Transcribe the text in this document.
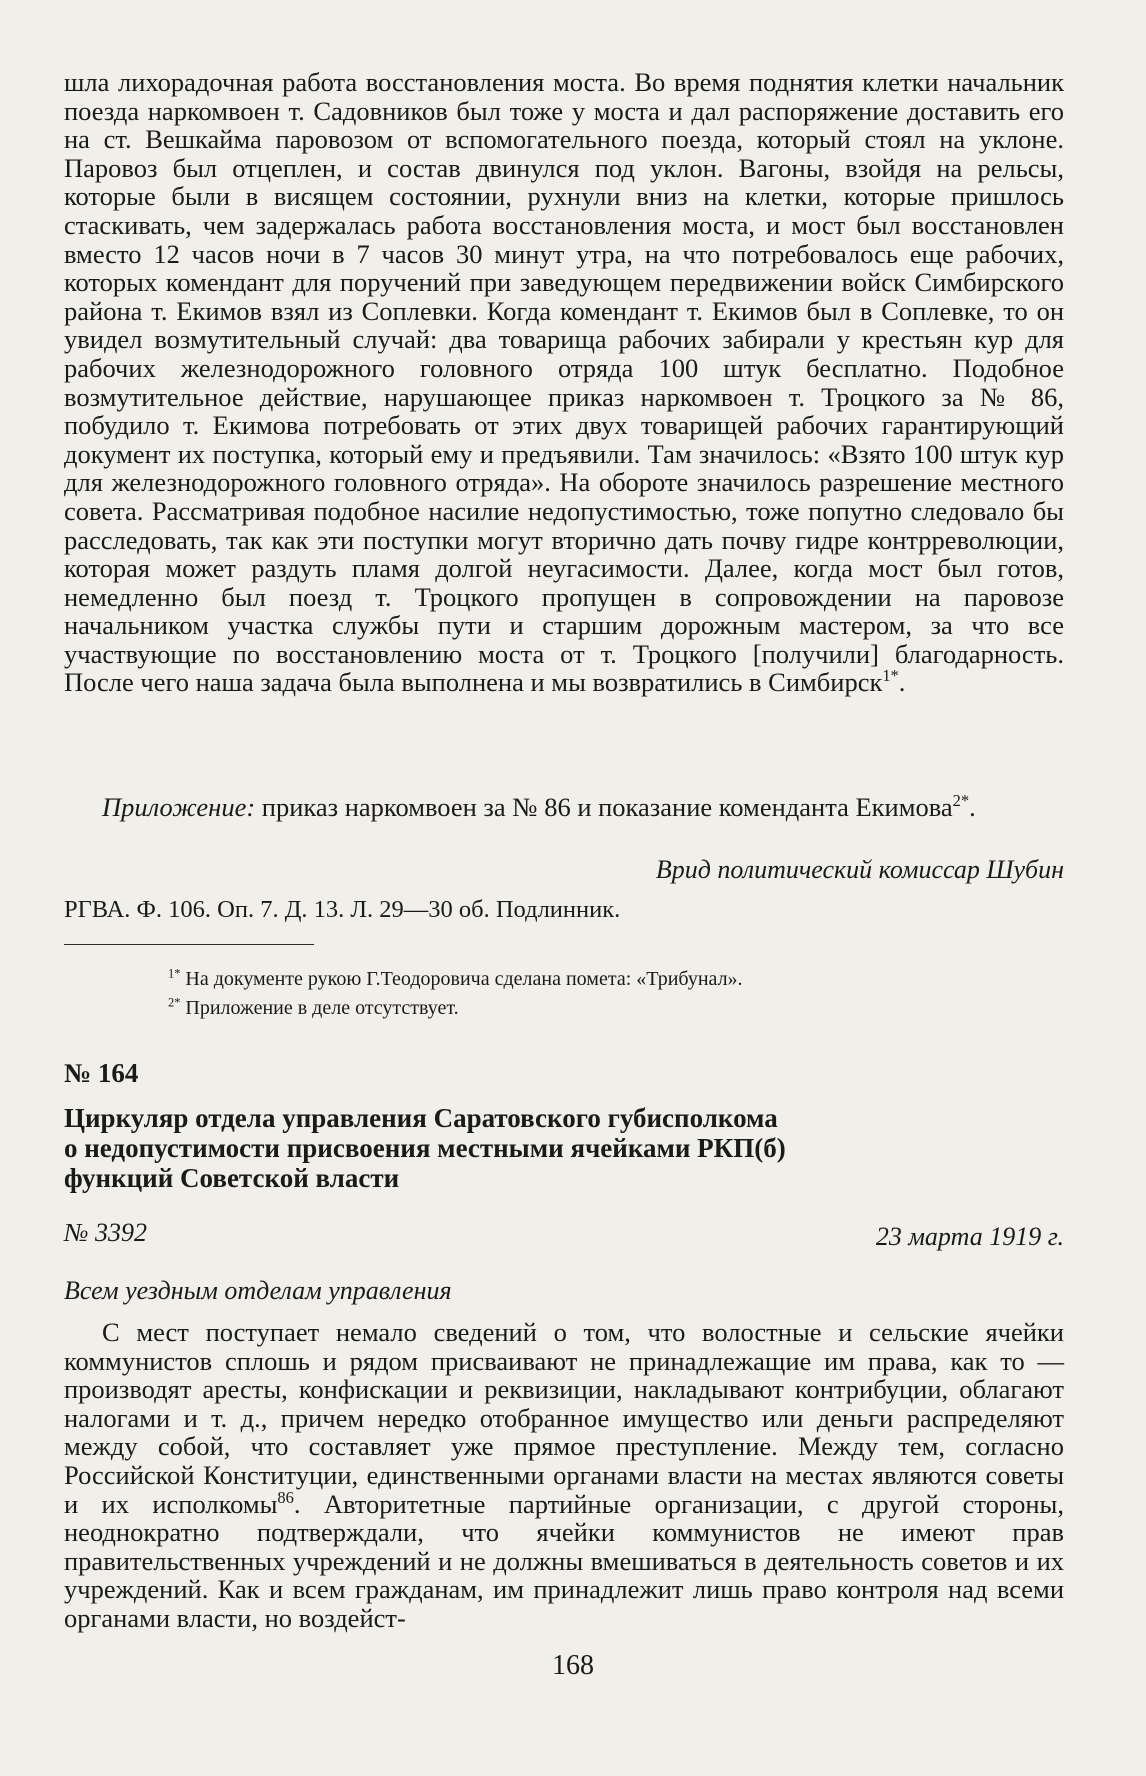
шла лихорадочная работа восстановления моста. Во время поднятия клетки начальник поезда наркомвоен т. Садовников был тоже у моста и дал распоряжение доставить его на ст. Вешкайма паровозом от вспомогательного поезда, который стоял на уклоне. Паровоз был отцеплен, и состав двинулся под уклон. Вагоны, взойдя на рельсы, которые были в висящем состоянии, рухнули вниз на клетки, которые пришлось стаскивать, чем задержалась работа восстановления моста, и мост был восстановлен вместо 12 часов ночи в 7 часов 30 минут утра, на что потребовалось еще рабочих, которых комендант для поручений при заведующем передвижении войск Симбирского района т. Екимов взял из Соплевки. Когда комендант т. Екимов был в Соплевке, то он увидел возмутительный случай: два товарища рабочих забирали у крестьян кур для рабочих железнодорожного головного отряда 100 штук бесплатно. Подобное возмутительное действие, нарушающее приказ наркомвоен т. Троцкого за № 86, побудило т. Екимова потребовать от этих двух товарищей рабочих гарантирующий документ их поступка, который ему и предъявили. Там значилось: «Взято 100 штук кур для железнодорожного головного отряда». На обороте значилось разрешение местного совета. Рассматривая подобное насилие недопустимостью, тоже попутно следовало бы расследовать, так как эти поступки могут вторично дать почву гидре контрреволюции, которая может раздуть пламя долгой неугасимости. Далее, когда мост был готов, немедленно был поезд т. Троцкого пропущен в сопровождении на паровозе начальником участка службы пути и старшим дорожным мастером, за что все участвующие по восстановлению моста от т. Троцкого [получили] благодарность. После чего наша задача была выполнена и мы возвратились в Симбирск$^{1*}$.

Приложение: приказ наркомвоен за № 86 и показание коменданта Екимова$^{2*}$.

Врид политический комиссар Шубин
РГВА. Ф. 106. Оп. 7. Д. 13. Л. 29—30 об. Подлинник.
$^{1*}$ На документе рукою Г.Теодоровича сделана помета: «Трибунал».
$^{2*}$ Приложение в деле отсутствует.
№ 164
Циркуляр отдела управления Саратовского губисполкома
о недопустимости присвоения местными ячейками РКП(б)
функций Советской власти
№ 3392	23 марта 1919 г.
Всем уездным отделам управления

С мест поступает немало сведений о том, что волостные и сельские ячейки коммунистов сплошь и рядом присваивают не принадлежащие им права, как то — производят аресты, конфискации и реквизиции, накладывают контрибуции, облагают налогами и т. д., причем нередко отобранное имущество или деньги распределяют между собой, что составляет уже прямое преступление. Между тем, согласно Российской Конституции, единственными органами власти на местах являются советы и их исполкомы$^{86}$. Авторитетные партийные организации, с другой стороны, неоднократно подтверждали, что ячейки коммунистов не имеют прав правительственных учреждений и не должны вмешиваться в деятельность советов и их учреждений. Как и всем гражданам, им принадлежит лишь право контроля над всеми органами власти, но воздейст-

168
